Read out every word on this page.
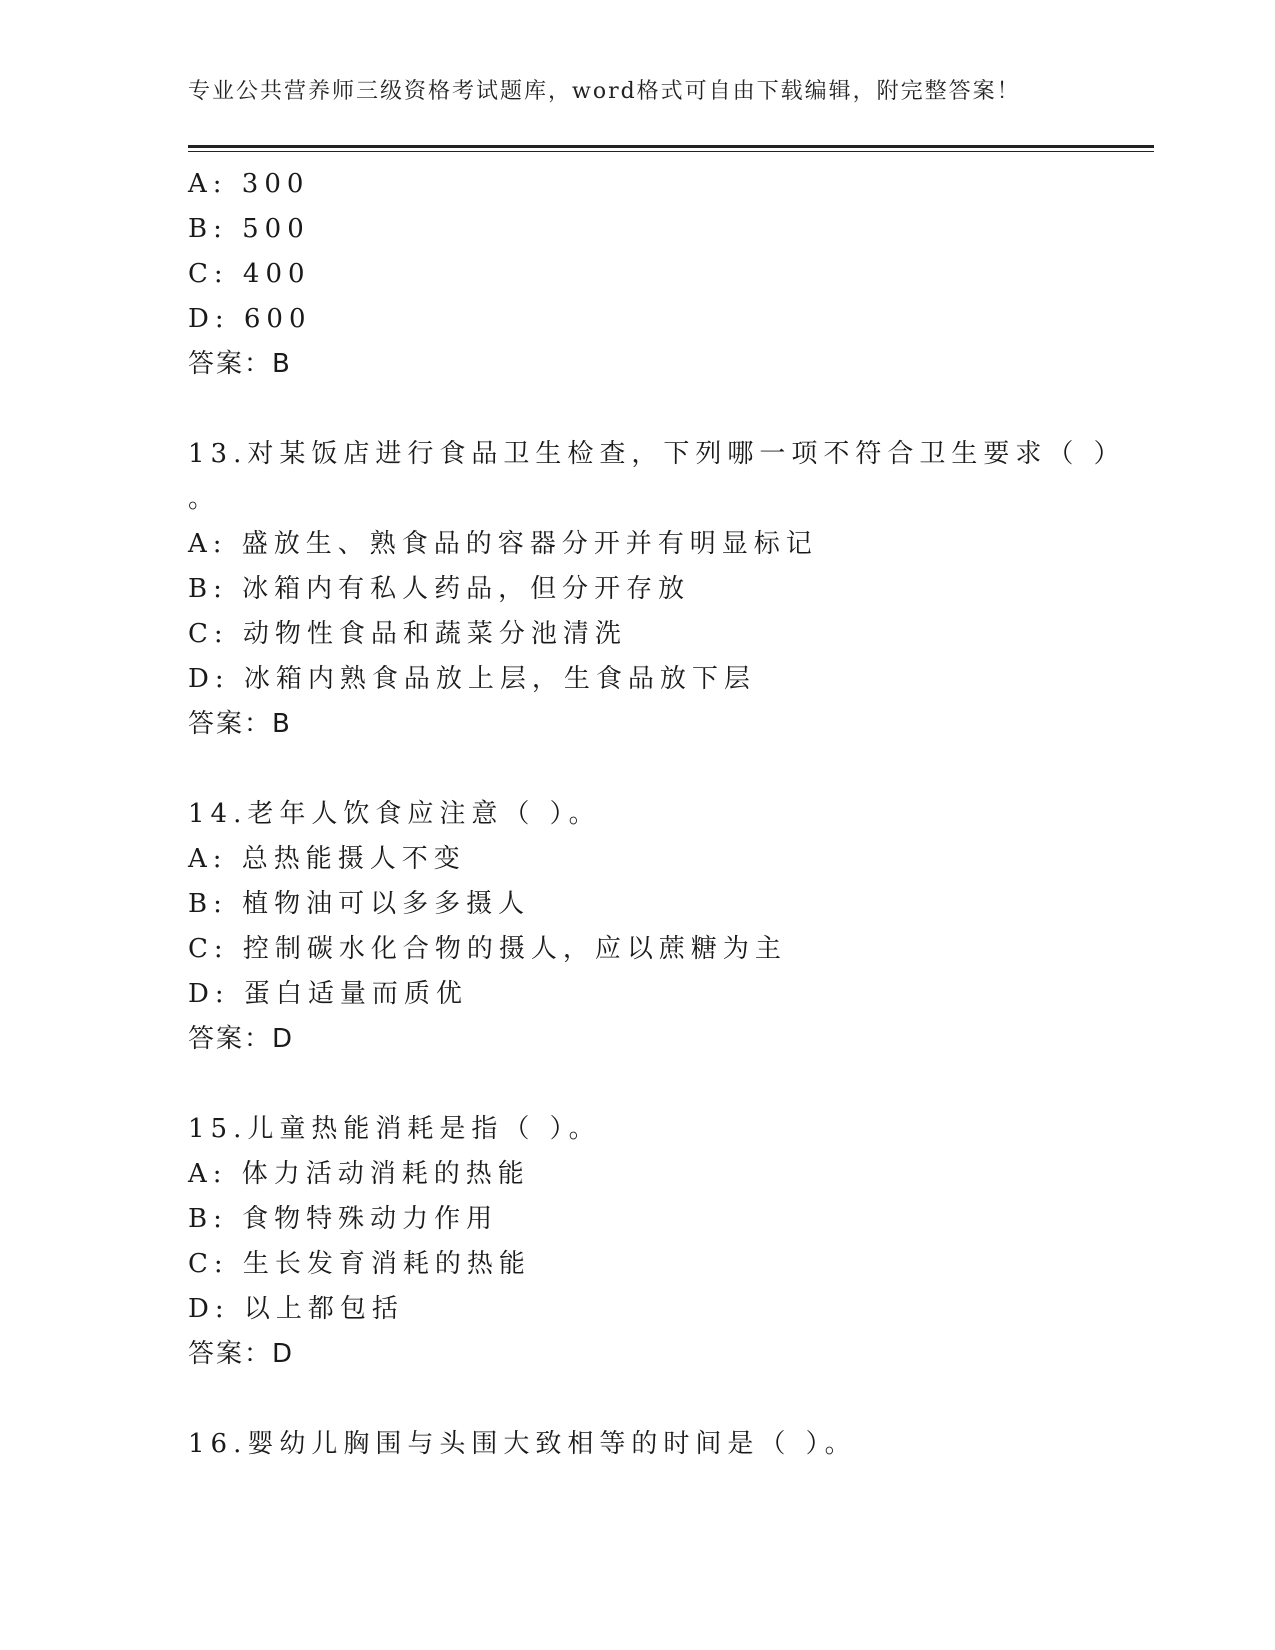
专业公共营养师三级资格考试题库，word格式可自由下载编辑，附完整答案！
A: 300
B: 500
C: 400
D: 600
答案：B
13.对某饭店进行食品卫生检查，下列哪一项不符合卫生要求（ ）
。
A: 盛放生、熟食品的容器分开并有明显标记
B: 冰箱内有私人药品，但分开存放
C: 动物性食品和蔬菜分池清洗
D: 冰箱内熟食品放上层，生食品放下层
答案：B
14.老年人饮食应注意（ ）。
A: 总热能摄人不变
B: 植物油可以多多摄人
C: 控制碳水化合物的摄人，应以蔗糖为主
D: 蛋白适量而质优
答案：D
15.儿童热能消耗是指（ ）。
A: 体力活动消耗的热能
B: 食物特殊动力作用
C: 生长发育消耗的热能
D: 以上都包括
答案：D
16.婴幼儿胸围与头围大致相等的时间是（ ）。
